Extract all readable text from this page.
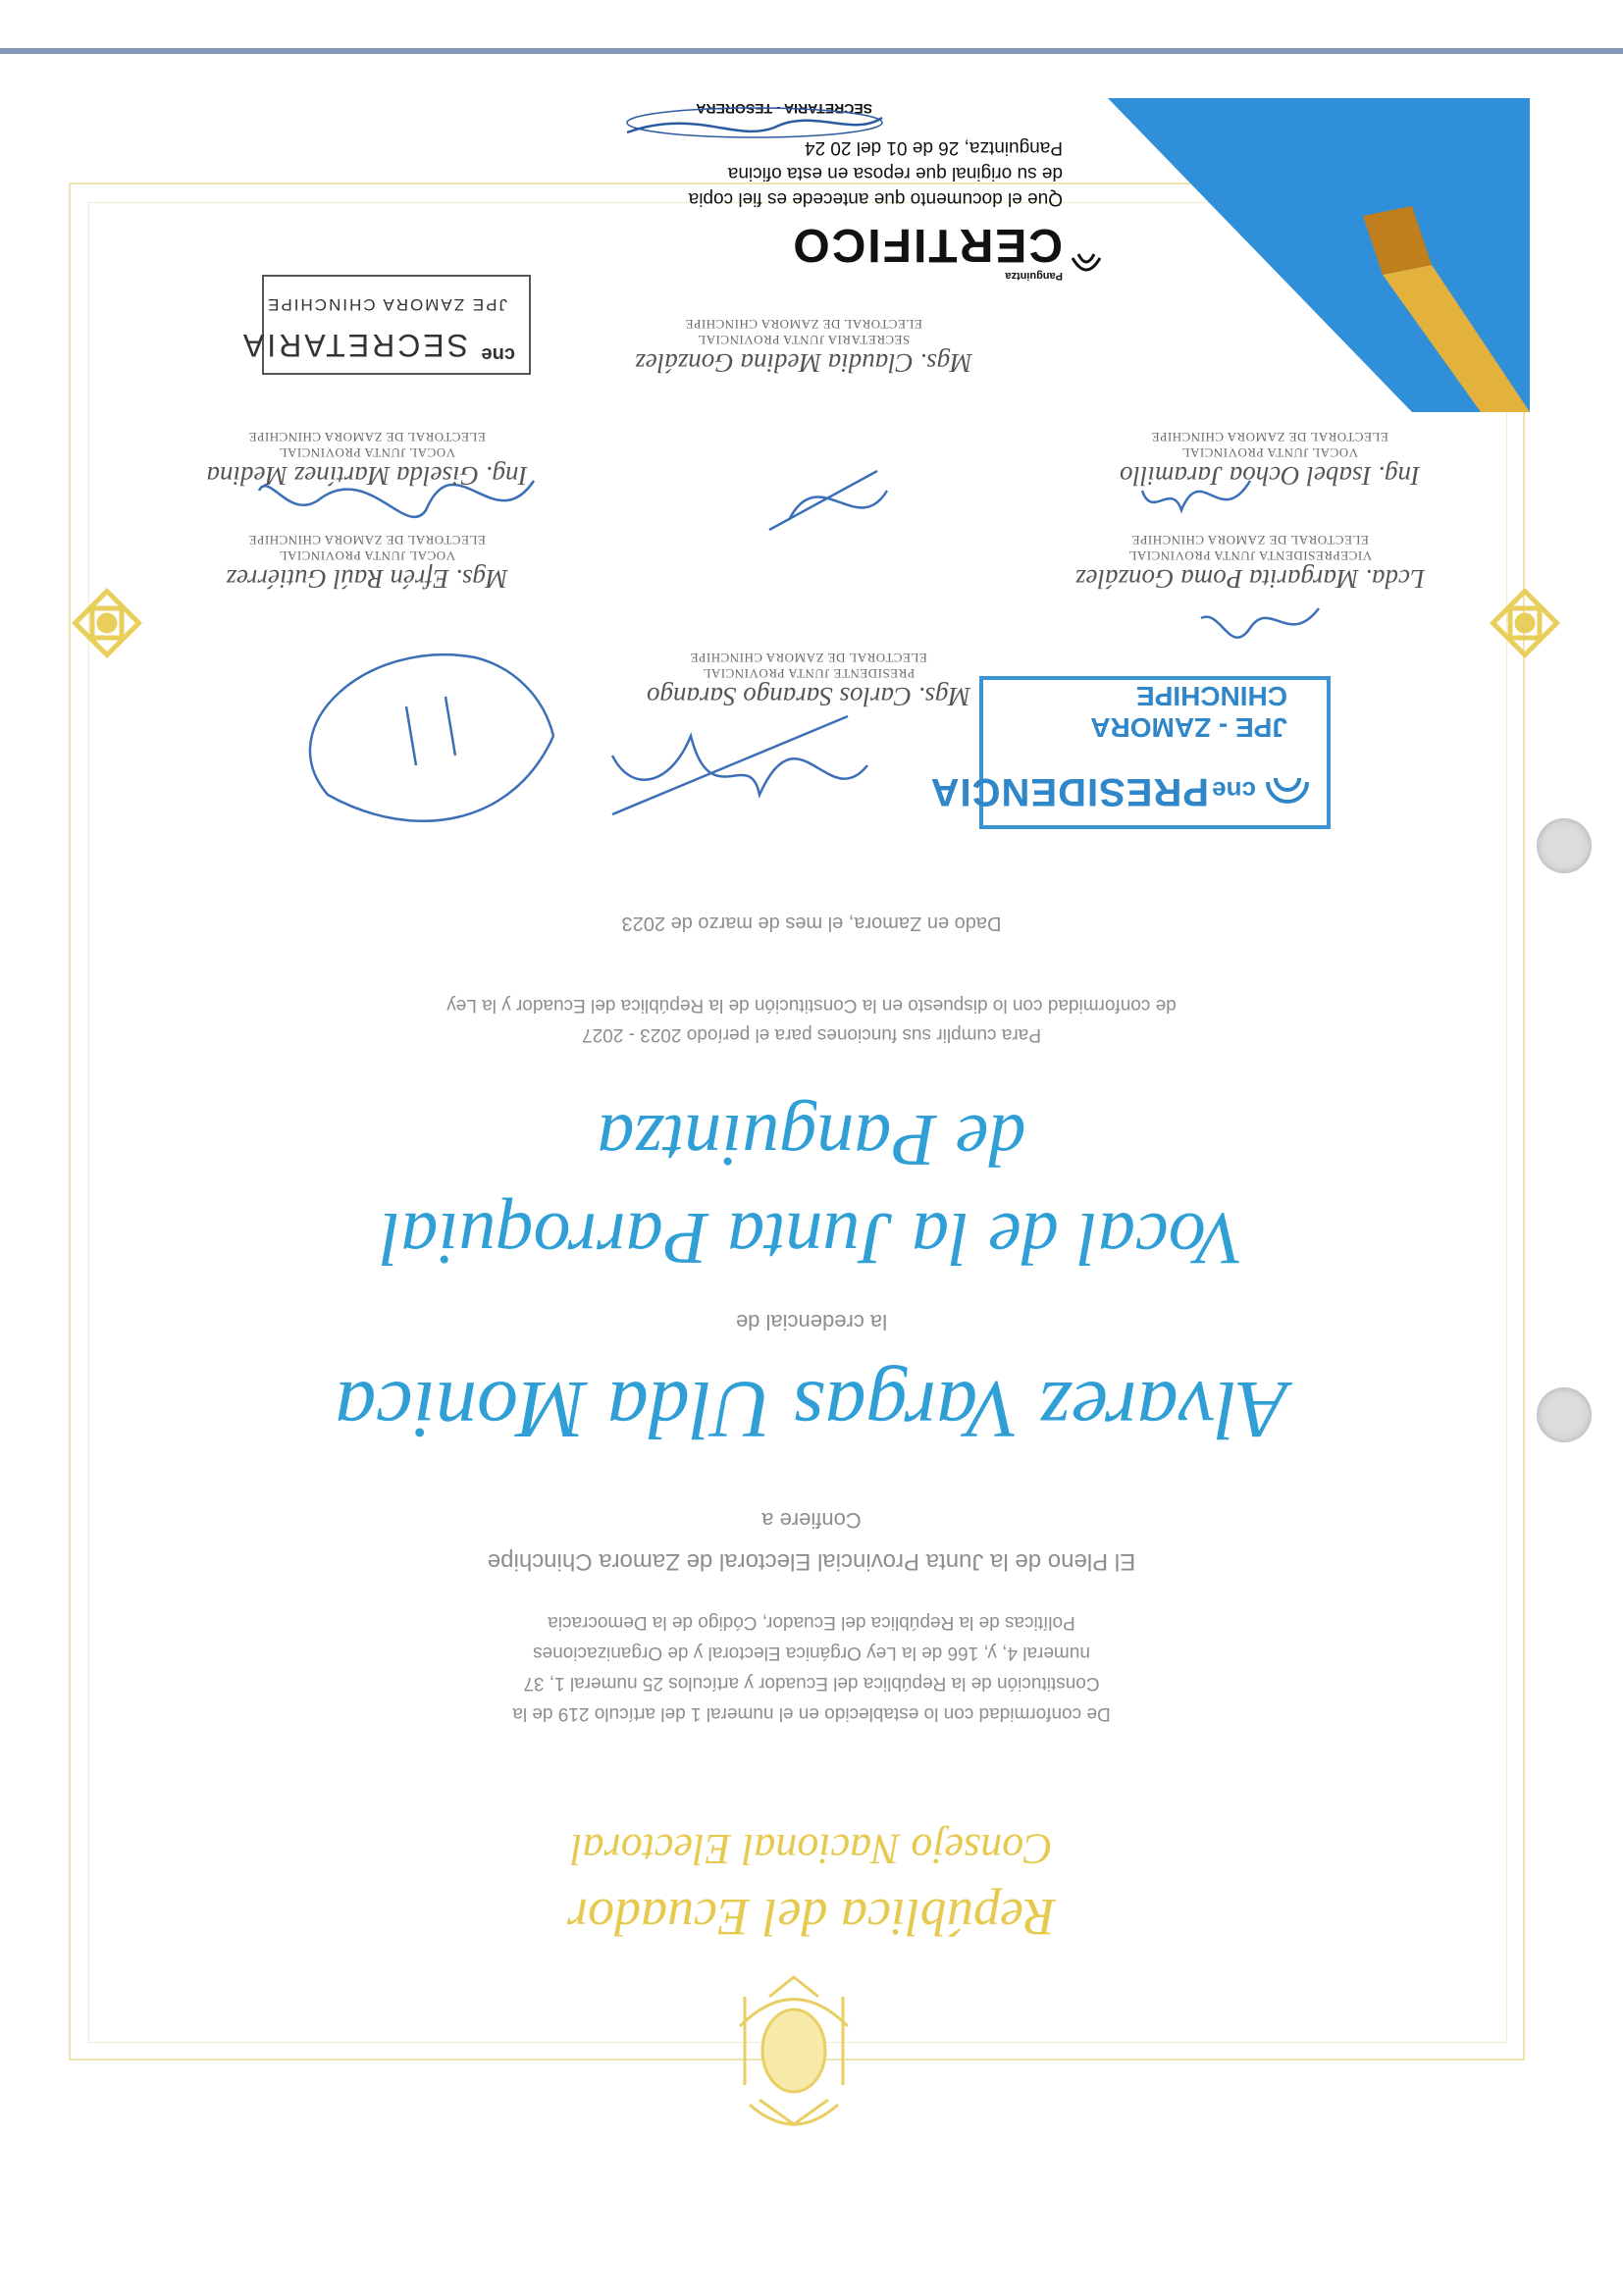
República del Ecuador
Consejo Nacional Electoral
De conformidad con lo establecido en el numeral 1 del artículo 219 de la
Constitución de la República del Ecuador y artículos 25 numeral 1, 37
numeral 4, y, 166 de la Ley Orgánica Electoral y de Organizaciones
Políticas de la República del Ecuador, Código de la Democracia
El Pleno de la Junta Provincial Electoral de Zamora Chinchipe
Confiere a
Alvarez Vargas Ulda Monica
la credencial de
Vocal de la Junta Parroquial
de Panguintza
Para cumplir sus funciones para el período 2023 - 2027
de conformidad con lo dispuesto en la Constitución de la República del Ecuador y la Ley
Dado en Zamora, el mes de marzo de 2023
Lcda. Margarita Poma González
VICEPRESIDENTA JUNTA PROVINCIAL
ELECTORAL DE ZAMORA CHINCHIPE
Mgs. Carlos Sarango Sarango
PRESIDENTE JUNTA PROVINCIAL
ELECTORAL DE ZAMORA CHINCHIPE
Mgs. Efrén Raúl Gutiérrez
VOCAL JUNTA PROVINCIAL
ELECTORAL DE ZAMORA CHINCHIPE
Ing. Isabel Ochoa Jaramillo
VOCAL JUNTA PROVINCIAL
ELECTORAL DE ZAMORA CHINCHIPE
Ing. Giselda Martínez Medina
VOCAL JUNTA PROVINCIAL
ELECTORAL DE ZAMORA CHINCHIPE
Mgs. Claudia Medina González
SECRETARIA JUNTA PROVINCIAL
ELECTORAL DE ZAMORA CHINCHIPE
cne
PRESIDENCIA
JPE - ZAMORA CHINCHIPE
cne
SECRETARIA
JPE ZAMORA CHINCHIPE
Panguintza
CERTIFICO
Que el documento que antecede es fiel copia
de su original que reposa en esta oficina
Panguintza, 26 de 01 del 20 24
SECRETARIA - TESORERA
